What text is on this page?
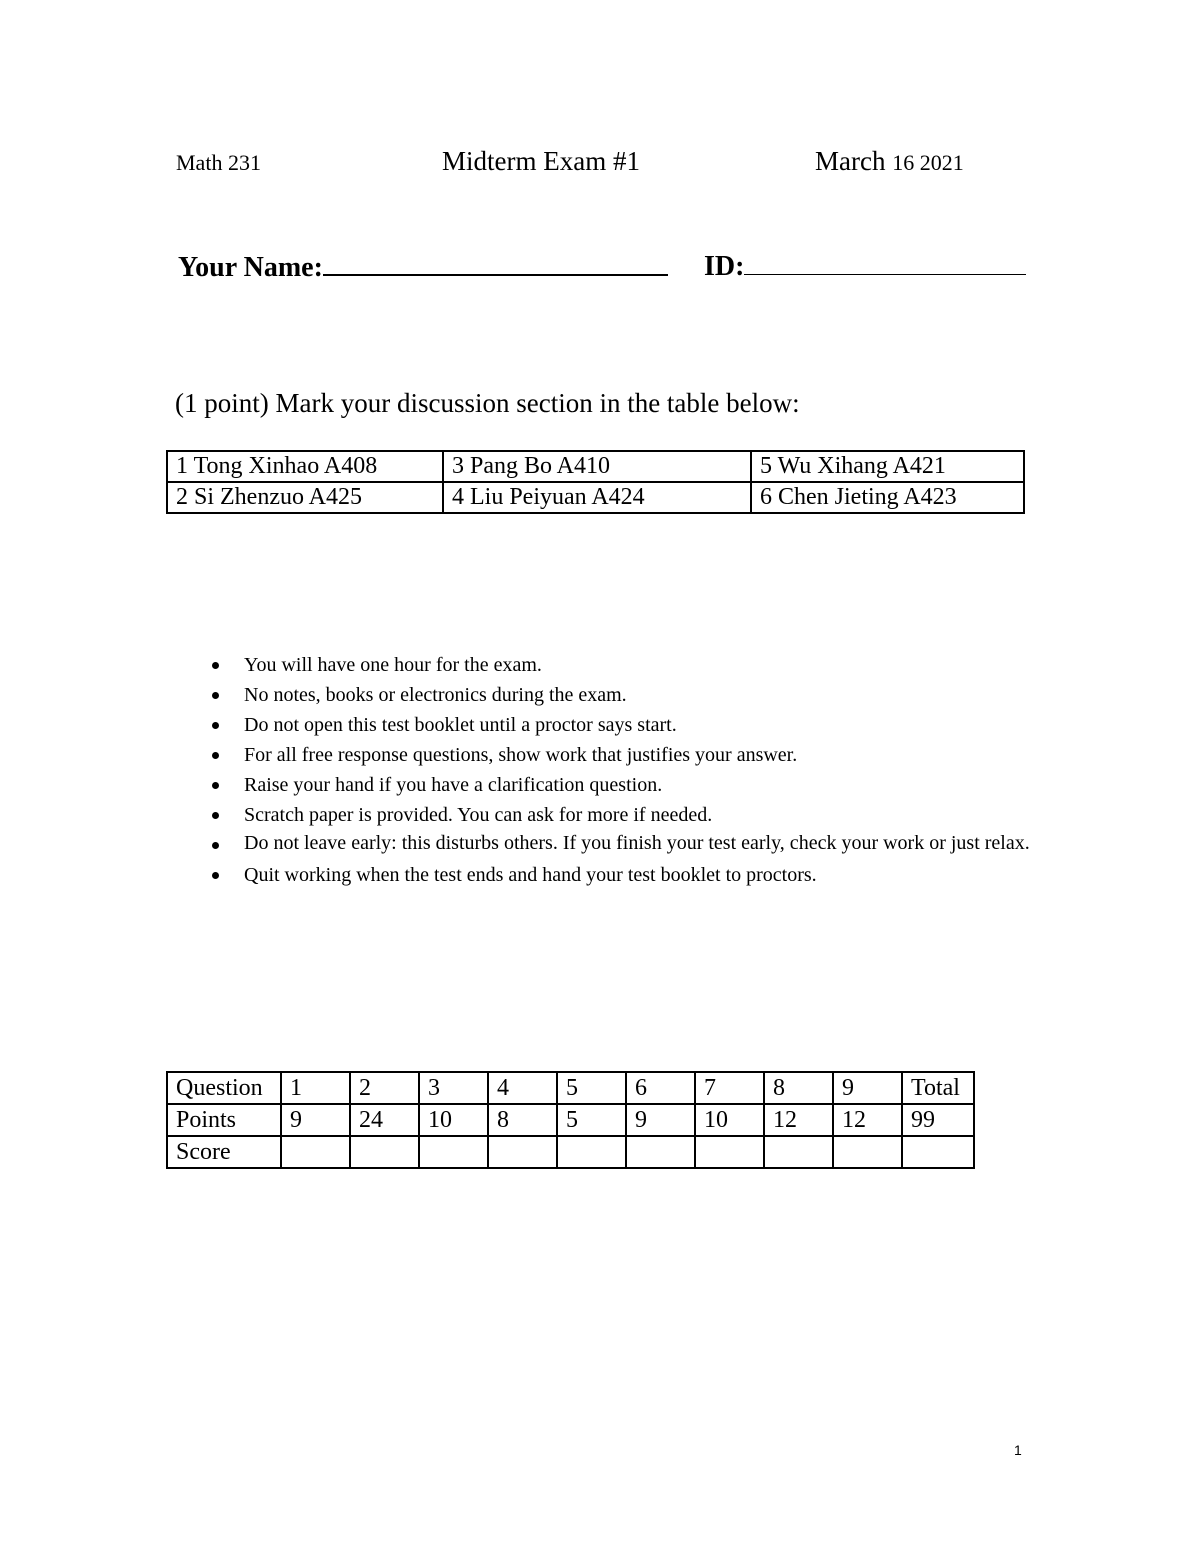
Math 231	Midterm Exam #1	March 16 2021
Your Name:	ID:
(1 point) Mark your discussion section in the table below:
1 Tong Xinhao A408	3 Pang Bo A410	5 Wu Xihang A421
2 Si Zhenzuo A425	4 Liu Peiyuan A424	6 Chen Jieting A423
You will have one hour for the exam.
No notes, books or electronics during the exam.
Do not open this test booklet until a proctor says start.
For all free response questions, show work that justifies your answer.
Raise your hand if you have a clarification question.
Scratch paper is provided. You can ask for more if needed.
Do not leave early: this disturbs others. If you finish your test early, check your work or just relax.
Quit working when the test ends and hand your test booklet to proctors.
Question	1	2	3	4	5	6	7	8	9	Total
Points	9	24	10	8	5	9	10	12	12	99
Score										
1
